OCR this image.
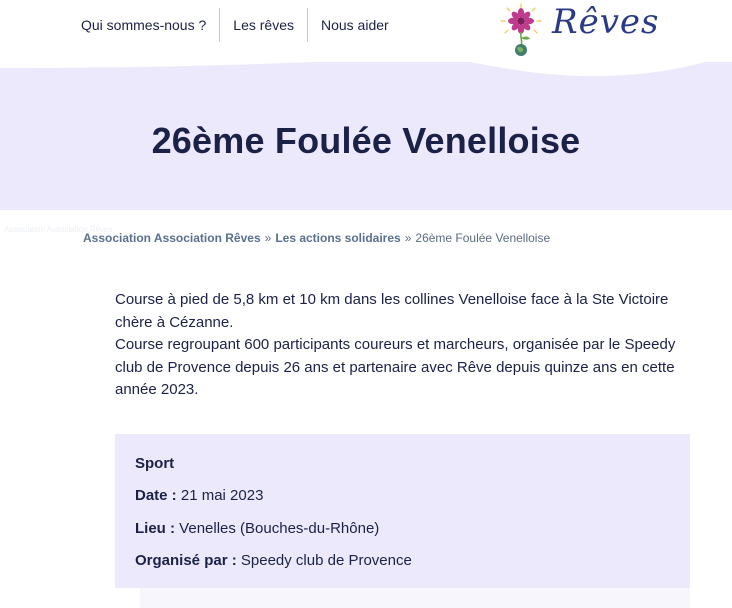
Qui sommes-nous ?	Les rêves	Nous aider
26ème Foulée Venelloise
Rêves
Association Association Rêves
Association Association Rêves » Les actions solidaires » 26ème Foulée Venelloise

Course à pied de 5,8 km et 10 km dans les collines Venelloise face à la Ste Victoire chère à Cézanne.

Course regroupant 600 participants coureurs et marcheurs, organisée par le Speedy club de Provence depuis 26 ans et partenaire avec Rêve depuis quinze ans en cette année 2023.

Sport
Date : 21 mai 2023
Lieu : Venelles (Bouches-du-Rhône)
Organisé par : Speedy club de Provence
